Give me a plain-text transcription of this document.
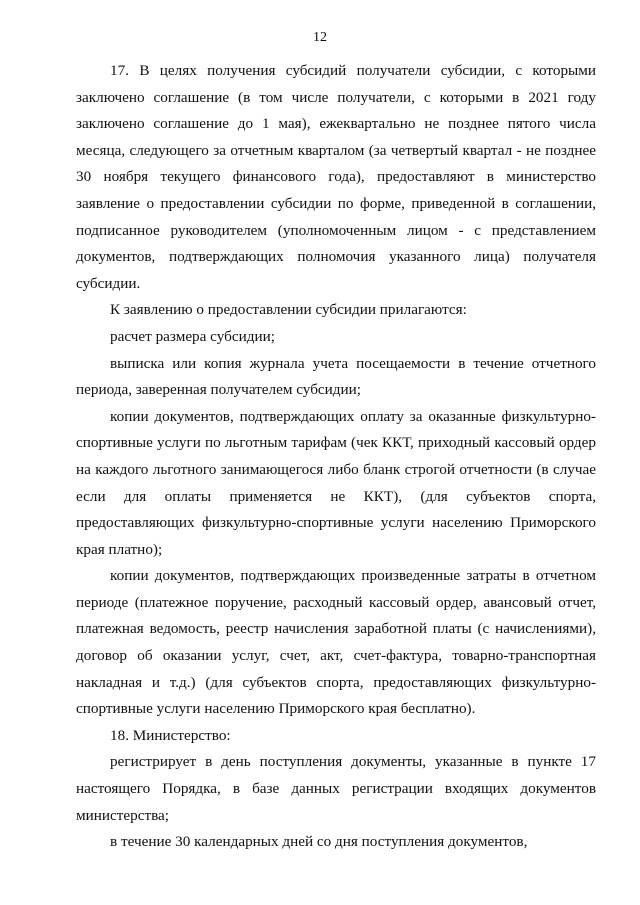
12

17. В целях получения субсидий получатели субсидии, с которыми заключено соглашение (в том числе получатели, с которыми в 2021 году заключено соглашение до 1 мая), ежеквартально не позднее пятого числа месяца, следующего за отчетным кварталом (за четвертый квартал - не позднее 30 ноября текущего финансового года), предоставляют в министерство заявление о предоставлении субсидии по форме, приведенной в соглашении, подписанное руководителем (уполномоченным лицом - с представлением документов, подтверждающих полномочия указанного лица) получателя субсидии.

К заявлению о предоставлении субсидии прилагаются:

расчет размера субсидии;

выписка или копия журнала учета посещаемости в течение отчетного периода, заверенная получателем субсидии;

копии документов, подтверждающих оплату за оказанные физкультурно-спортивные услуги по льготным тарифам (чек ККТ, приходный кассовый ордер на каждого льготного занимающегося либо бланк строгой отчетности (в случае если для оплаты применяется не ККТ), (для субъектов спорта, предоставляющих физкультурно-спортивные услуги населению Приморского края платно);

копии документов, подтверждающих произведенные затраты в отчетном периоде (платежное поручение, расходный кассовый ордер, авансовый отчет, платежная ведомость, реестр начисления заработной платы (с начислениями), договор об оказании услуг, счет, акт, счет-фактура, товарно-транспортная накладная и т.д.) (для субъектов спорта, предоставляющих физкультурно-спортивные услуги населению Приморского края бесплатно).

18. Министерство:

регистрирует в день поступления документы, указанные в пункте 17 настоящего Порядка, в базе данных регистрации входящих документов министерства;

в течение 30 календарных дней со дня поступления документов,
